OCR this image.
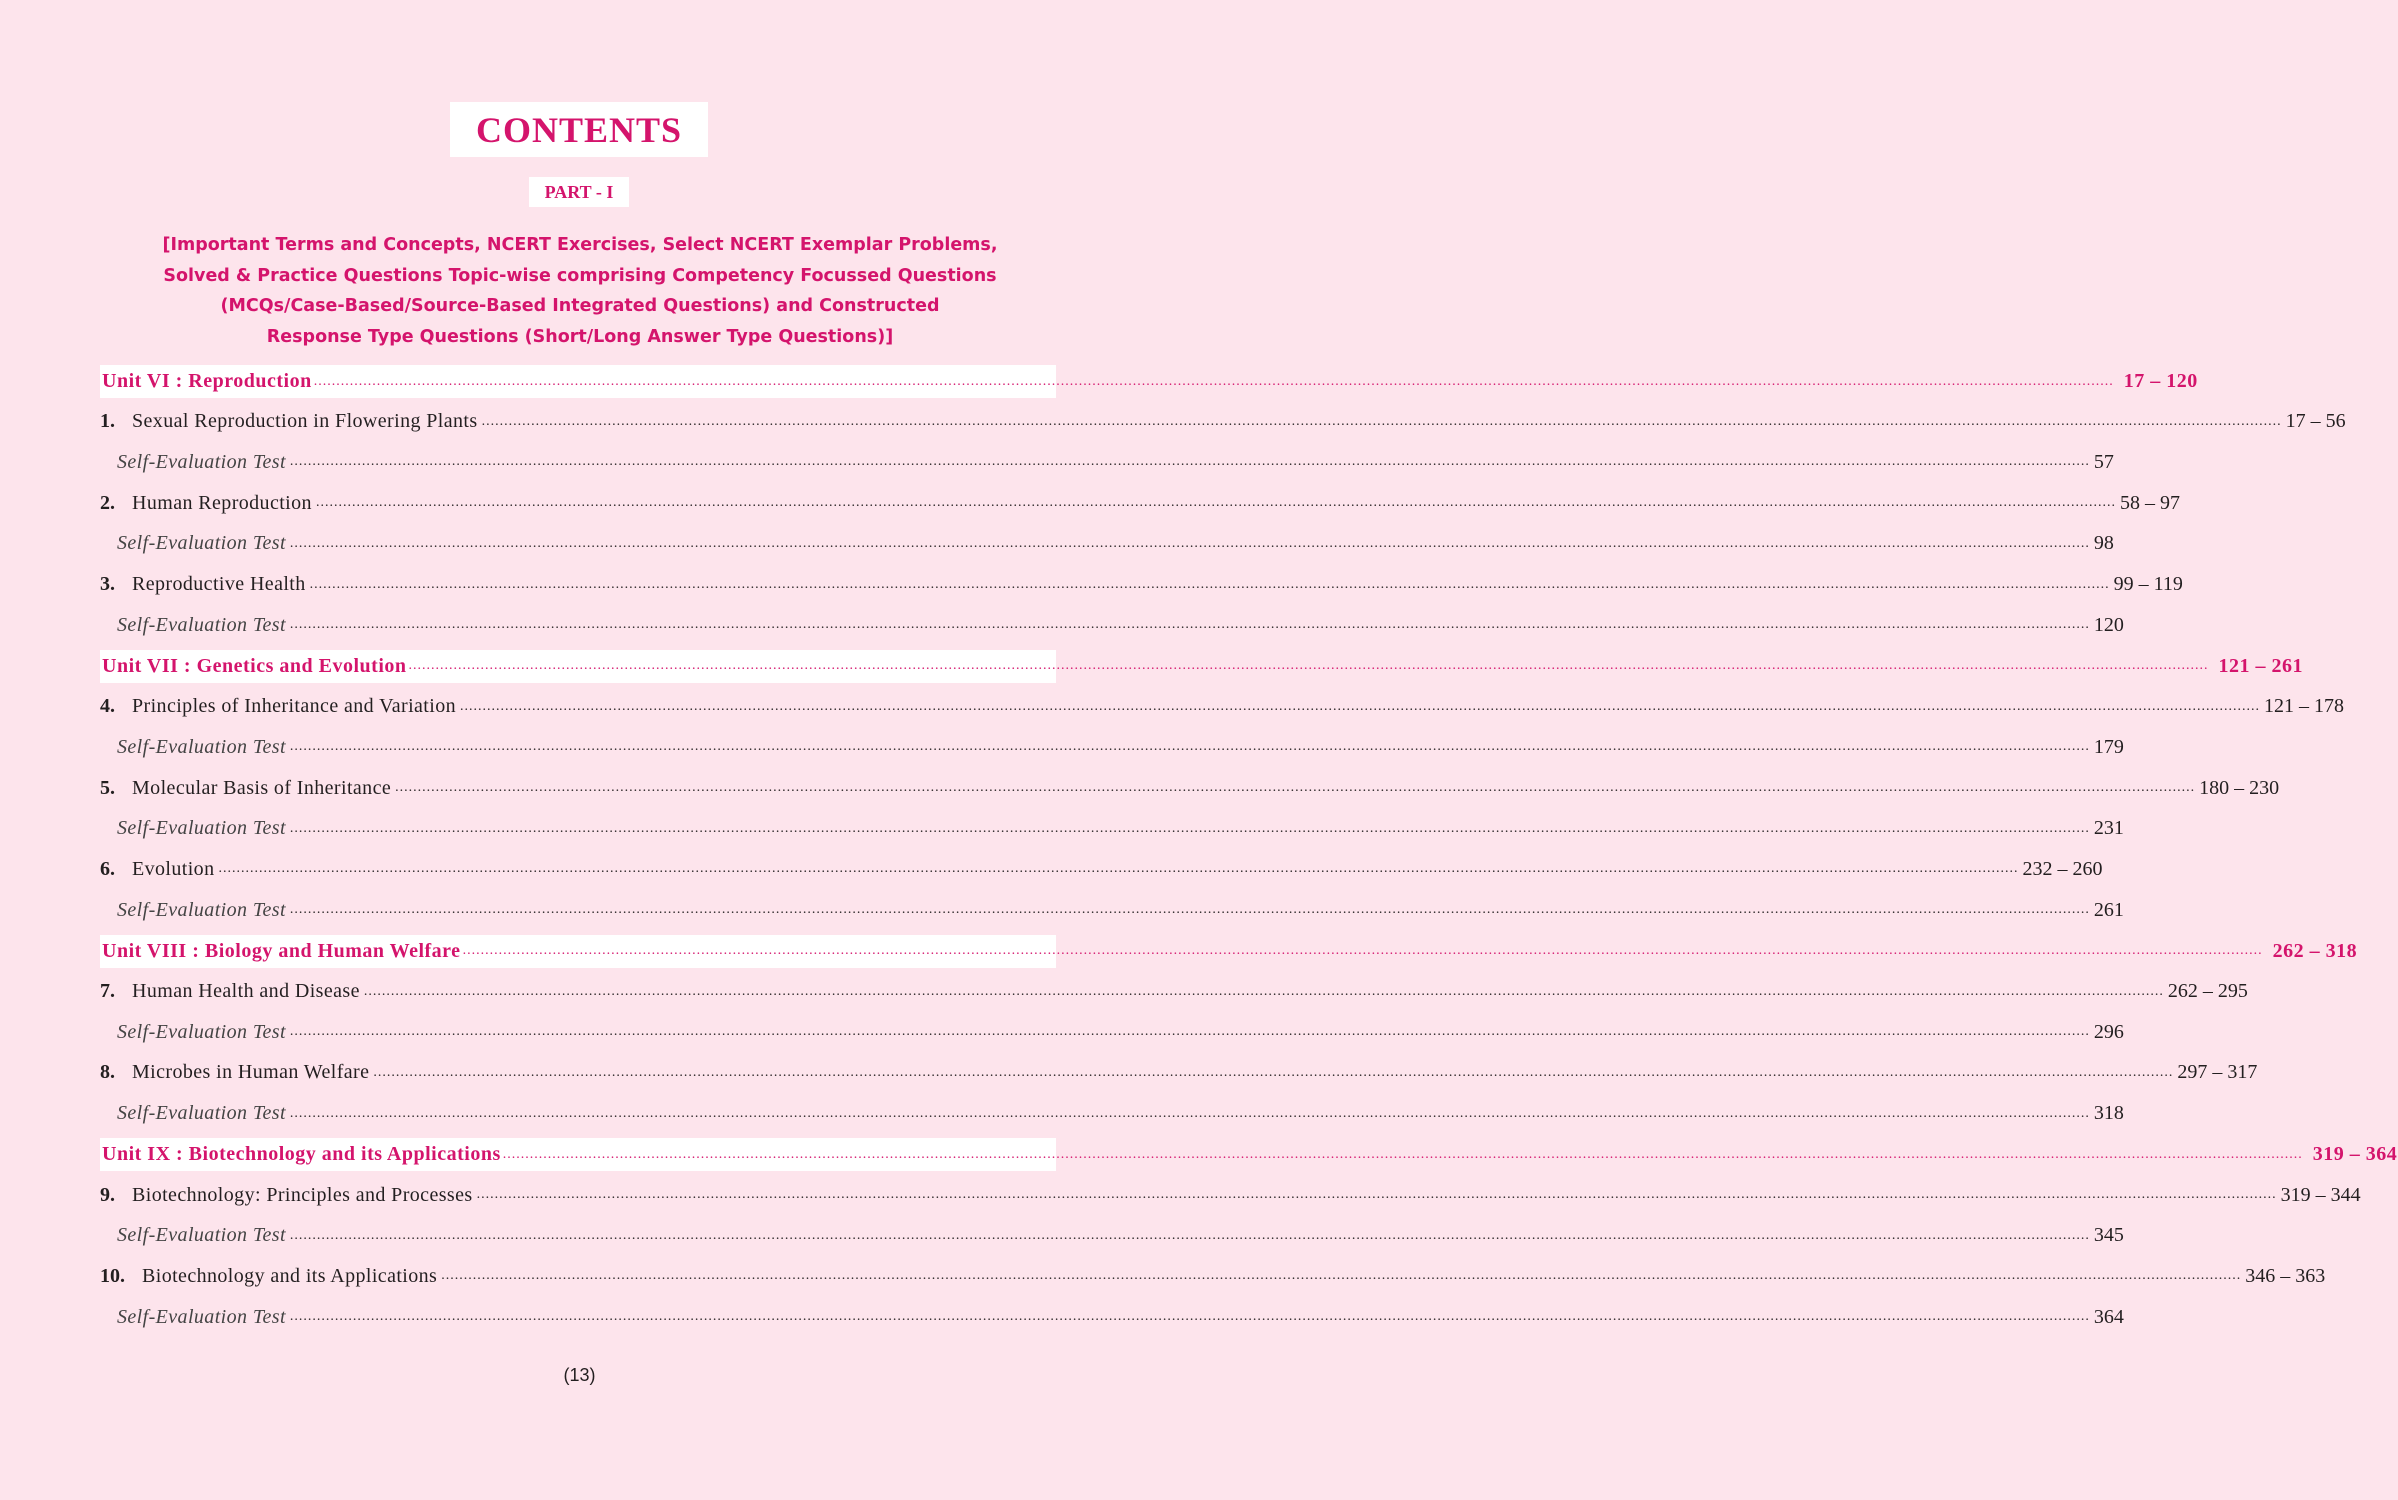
CONTENTS
PART - I
[Important Terms and Concepts, NCERT Exercises, Select NCERT Exemplar Problems,
Solved & Practice Questions Topic-wise comprising Competency Focussed Questions
(MCQs/Case-Based/Source-Based Integrated Questions) and Constructed
Response Type Questions (Short/Long Answer Type Questions)]
Unit VI : Reproduction ................................................................................................................................................................................................................................................................................................................................................................................................................ 17 – 120
1. Sexual Reproduction in Flowering Plants ................................................................................................................................................................................................................................................................................................................................................................................................................ 17 – 56
Self-Evaluation Test ................................................................................................................................................................................................................................................................................................................................................................................................................ 57
2. Human Reproduction ................................................................................................................................................................................................................................................................................................................................................................................................................ 58 – 97
Self-Evaluation Test ................................................................................................................................................................................................................................................................................................................................................................................................................ 98
3. Reproductive Health ................................................................................................................................................................................................................................................................................................................................................................................................................ 99 – 119
Self-Evaluation Test ................................................................................................................................................................................................................................................................................................................................................................................................................ 120
Unit VII : Genetics and Evolution ................................................................................................................................................................................................................................................................................................................................................................................................................ 121 – 261
4. Principles of Inheritance and Variation ................................................................................................................................................................................................................................................................................................................................................................................................................ 121 – 178
Self-Evaluation Test ................................................................................................................................................................................................................................................................................................................................................................................................................ 179
5. Molecular Basis of Inheritance ................................................................................................................................................................................................................................................................................................................................................................................................................ 180 – 230
Self-Evaluation Test ................................................................................................................................................................................................................................................................................................................................................................................................................ 231
6. Evolution ................................................................................................................................................................................................................................................................................................................................................................................................................ 232 – 260
Self-Evaluation Test ................................................................................................................................................................................................................................................................................................................................................................................................................ 261
Unit VIII : Biology and Human Welfare ................................................................................................................................................................................................................................................................................................................................................................................................................ 262 – 318
7. Human Health and Disease ................................................................................................................................................................................................................................................................................................................................................................................................................ 262 – 295
Self-Evaluation Test ................................................................................................................................................................................................................................................................................................................................................................................................................ 296
8. Microbes in Human Welfare ................................................................................................................................................................................................................................................................................................................................................................................................................ 297 – 317
Self-Evaluation Test ................................................................................................................................................................................................................................................................................................................................................................................................................ 318
Unit IX : Biotechnology and its Applications ................................................................................................................................................................................................................................................................................................................................................................................................................ 319 – 364
9. Biotechnology: Principles and Processes ................................................................................................................................................................................................................................................................................................................................................................................................................ 319 – 344
Self-Evaluation Test ................................................................................................................................................................................................................................................................................................................................................................................................................ 345
10. Biotechnology and its Applications ................................................................................................................................................................................................................................................................................................................................................................................................................ 346 – 363
Self-Evaluation Test ................................................................................................................................................................................................................................................................................................................................................................................................................ 364
(13)
